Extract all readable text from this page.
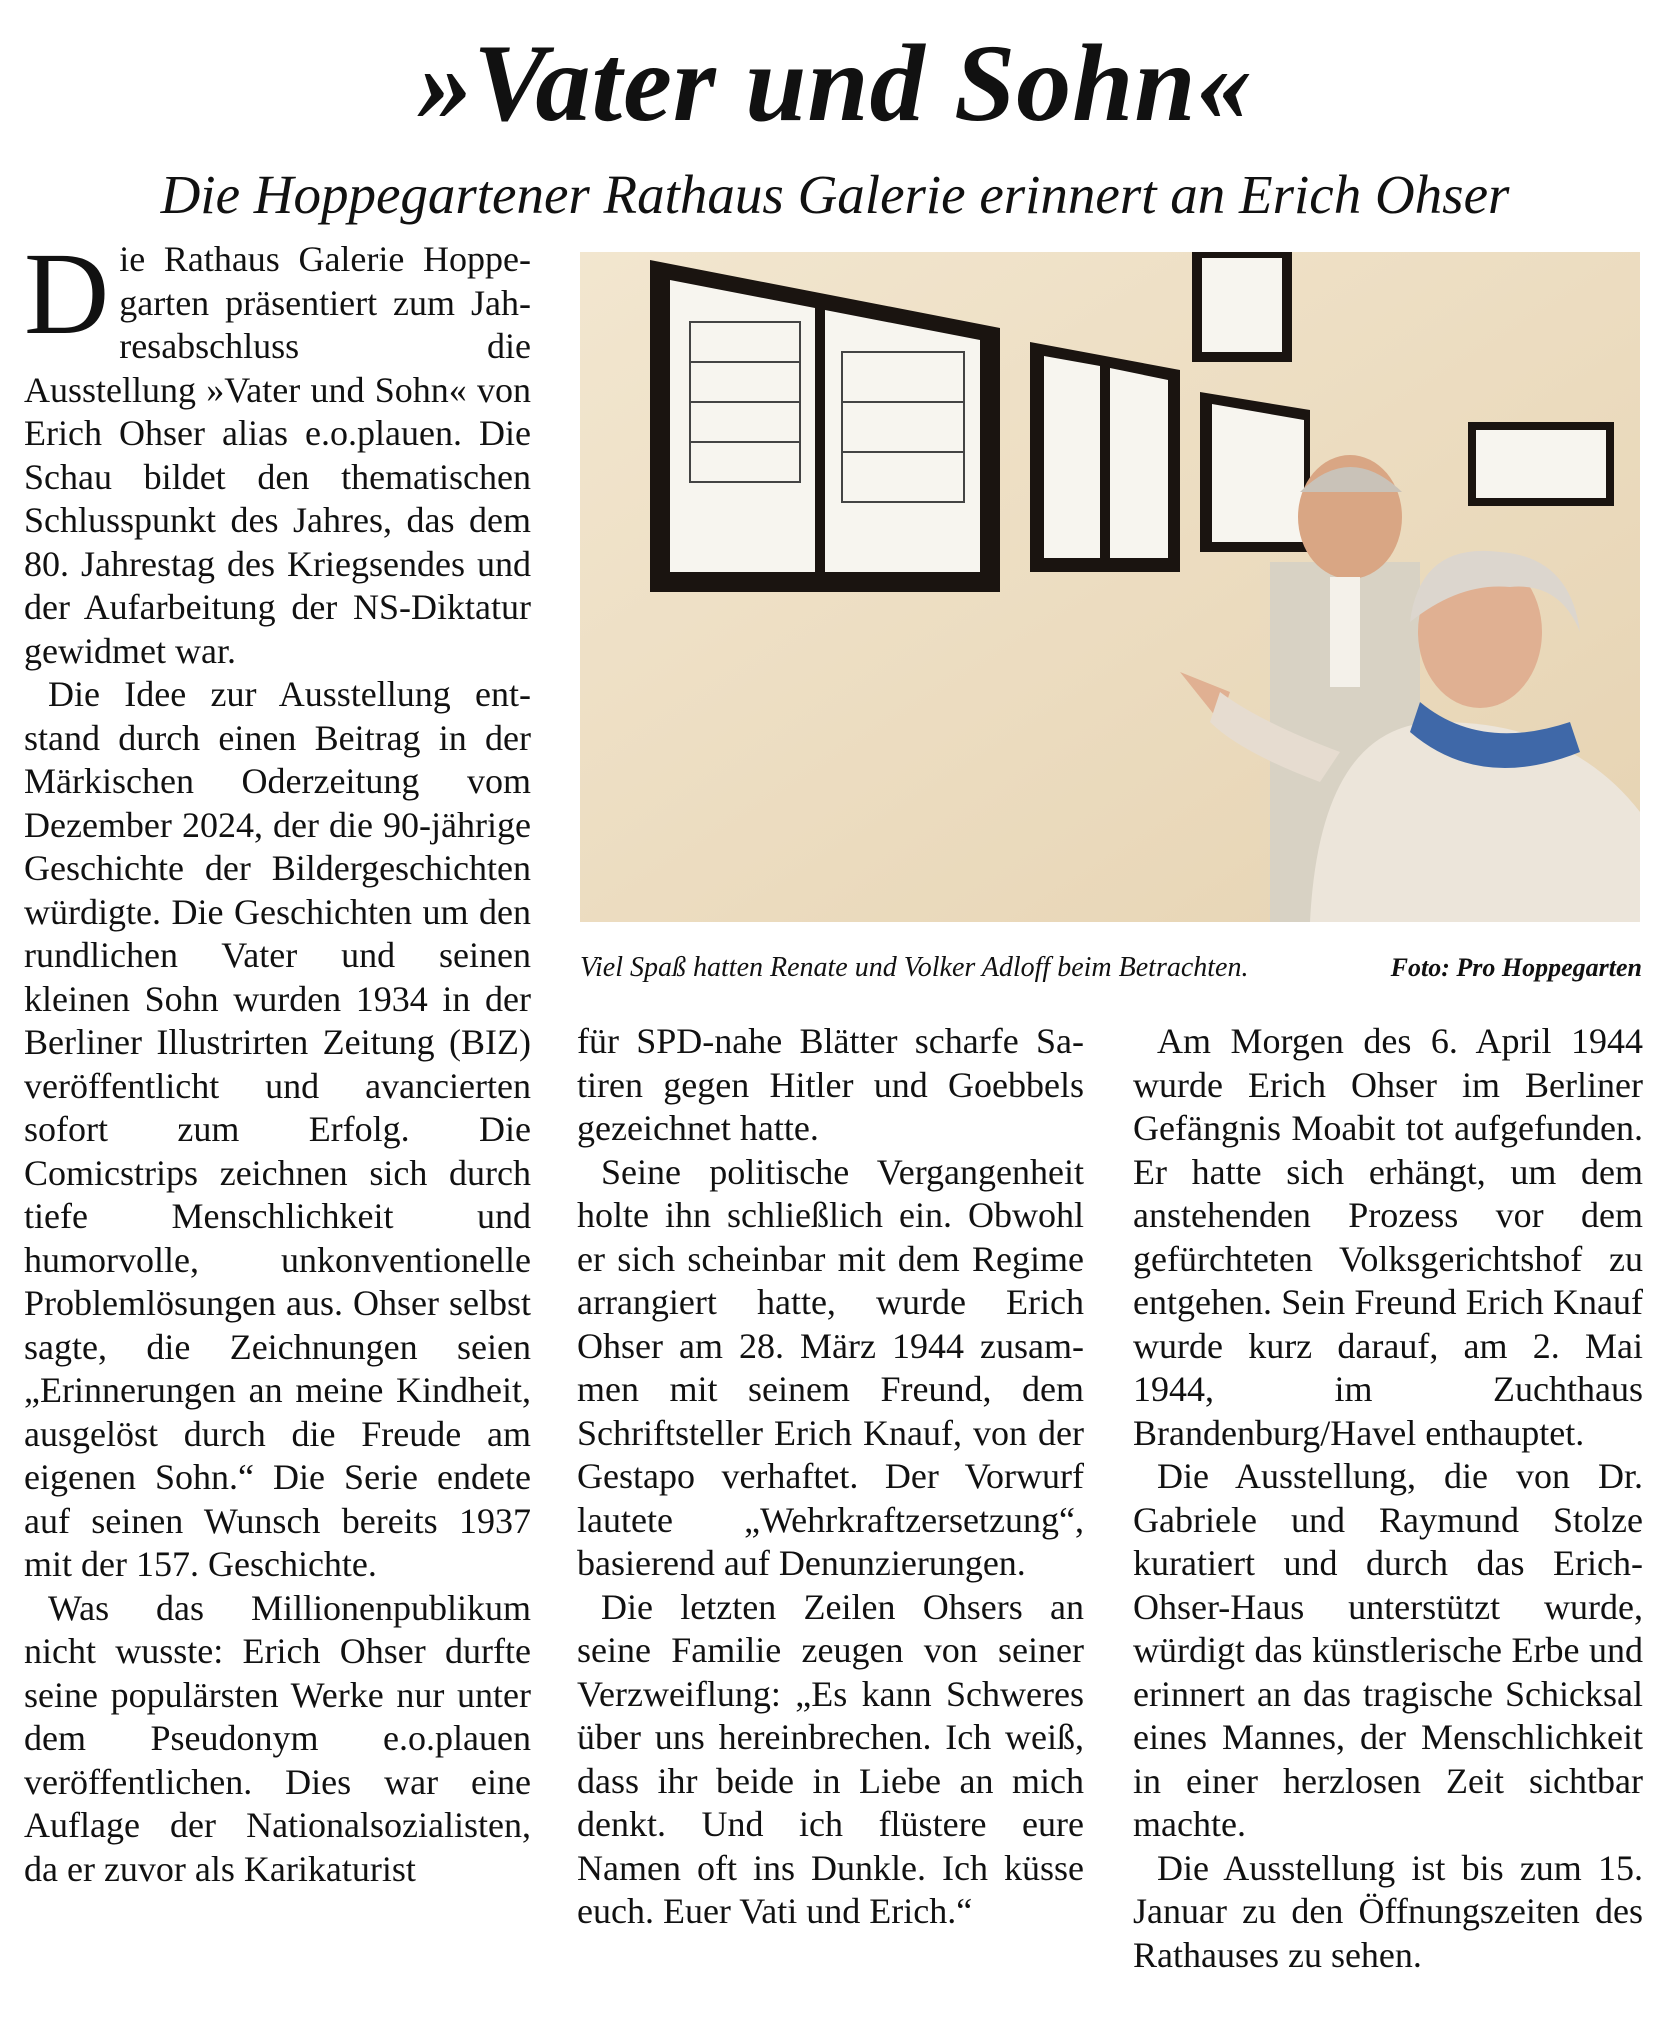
»Vater und Sohn«
Die Hoppegartener Rathaus Galerie erinnert an Erich Ohser

Die Rathaus Galerie Hoppegarten präsentiert zum Jahresabschluss die Ausstellung »Vater und Sohn« von Erich Ohser alias e.o.plauen. Die Schau bildet den thematischen Schlusspunkt des Jahres, das dem 80. Jahrestag des Kriegsendes und der Aufarbeitung der NS-Diktatur gewidmet war.

Die Idee zur Ausstellung entstand durch einen Beitrag in der Märkischen Oderzeitung vom Dezember 2024, der die 90-jährige Geschichte der Bildergeschichten würdigte. Die Geschichten um den rundlichen Vater und seinen kleinen Sohn wurden 1934 in der Berliner Illustrirten Zeitung (BIZ) veröffentlicht und avancierten sofort zum Erfolg. Die Comicstrips zeichnen sich durch tiefe Menschlichkeit und humorvolle, unkonventionelle Problemlösungen aus. Ohser selbst sagte, die Zeichnungen seien „Erinnerungen an meine Kindheit, ausgelöst durch die Freude am eigenen Sohn.“ Die Serie endete auf seinen Wunsch bereits 1937 mit der 157. Geschichte.

Was das Millionenpublikum nicht wusste: Erich Ohser durfte seine populärsten Werke nur unter dem Pseudonym e.o.plauen veröffentlichen. Dies war eine Auflage der Nationalsozialisten, da er zuvor als Karikaturist

Viel Spaß hatten Renate und Volker Adloff beim Betrachten.	Foto: Pro Hoppegarten

für SPD-nahe Blätter scharfe Satiren gegen Hitler und Goebbels gezeichnet hatte.

Seine politische Vergangenheit holte ihn schließlich ein. Obwohl er sich scheinbar mit dem Regime arrangiert hatte, wurde Erich Ohser am 28. März 1944 zusammen mit seinem Freund, dem Schriftsteller Erich Knauf, von der Gestapo verhaftet. Der Vorwurf lautete „Wehrkraftzersetzung“, basierend auf Denunzierungen.

Die letzten Zeilen Ohsers an seine Familie zeugen von seiner Verzweiflung: „Es kann Schweres über uns hereinbrechen. Ich weiß, dass ihr beide in Liebe an mich denkt. Und ich flüstere eure Namen oft ins Dunkle. Ich küsse euch. Euer Vati und Erich.“

Am Morgen des 6. April 1944 wurde Erich Ohser im Berliner Gefängnis Moabit tot aufgefunden. Er hatte sich erhängt, um dem anstehenden Prozess vor dem gefürchteten Volksgerichtshof zu entgehen. Sein Freund Erich Knauf wurde kurz darauf, am 2. Mai 1944, im Zuchthaus Brandenburg/Havel enthauptet.

Die Ausstellung, die von Dr. Gabriele und Raymund Stolze kuratiert und durch das Erich-Ohser-Haus unterstützt wurde, würdigt das künstlerische Erbe und erinnert an das tragische Schicksal eines Mannes, der Menschlichkeit in einer herzlosen Zeit sichtbar machte.

Die Ausstellung ist bis zum 15. Januar zu den Öffnungszeiten des Rathauses zu sehen.
